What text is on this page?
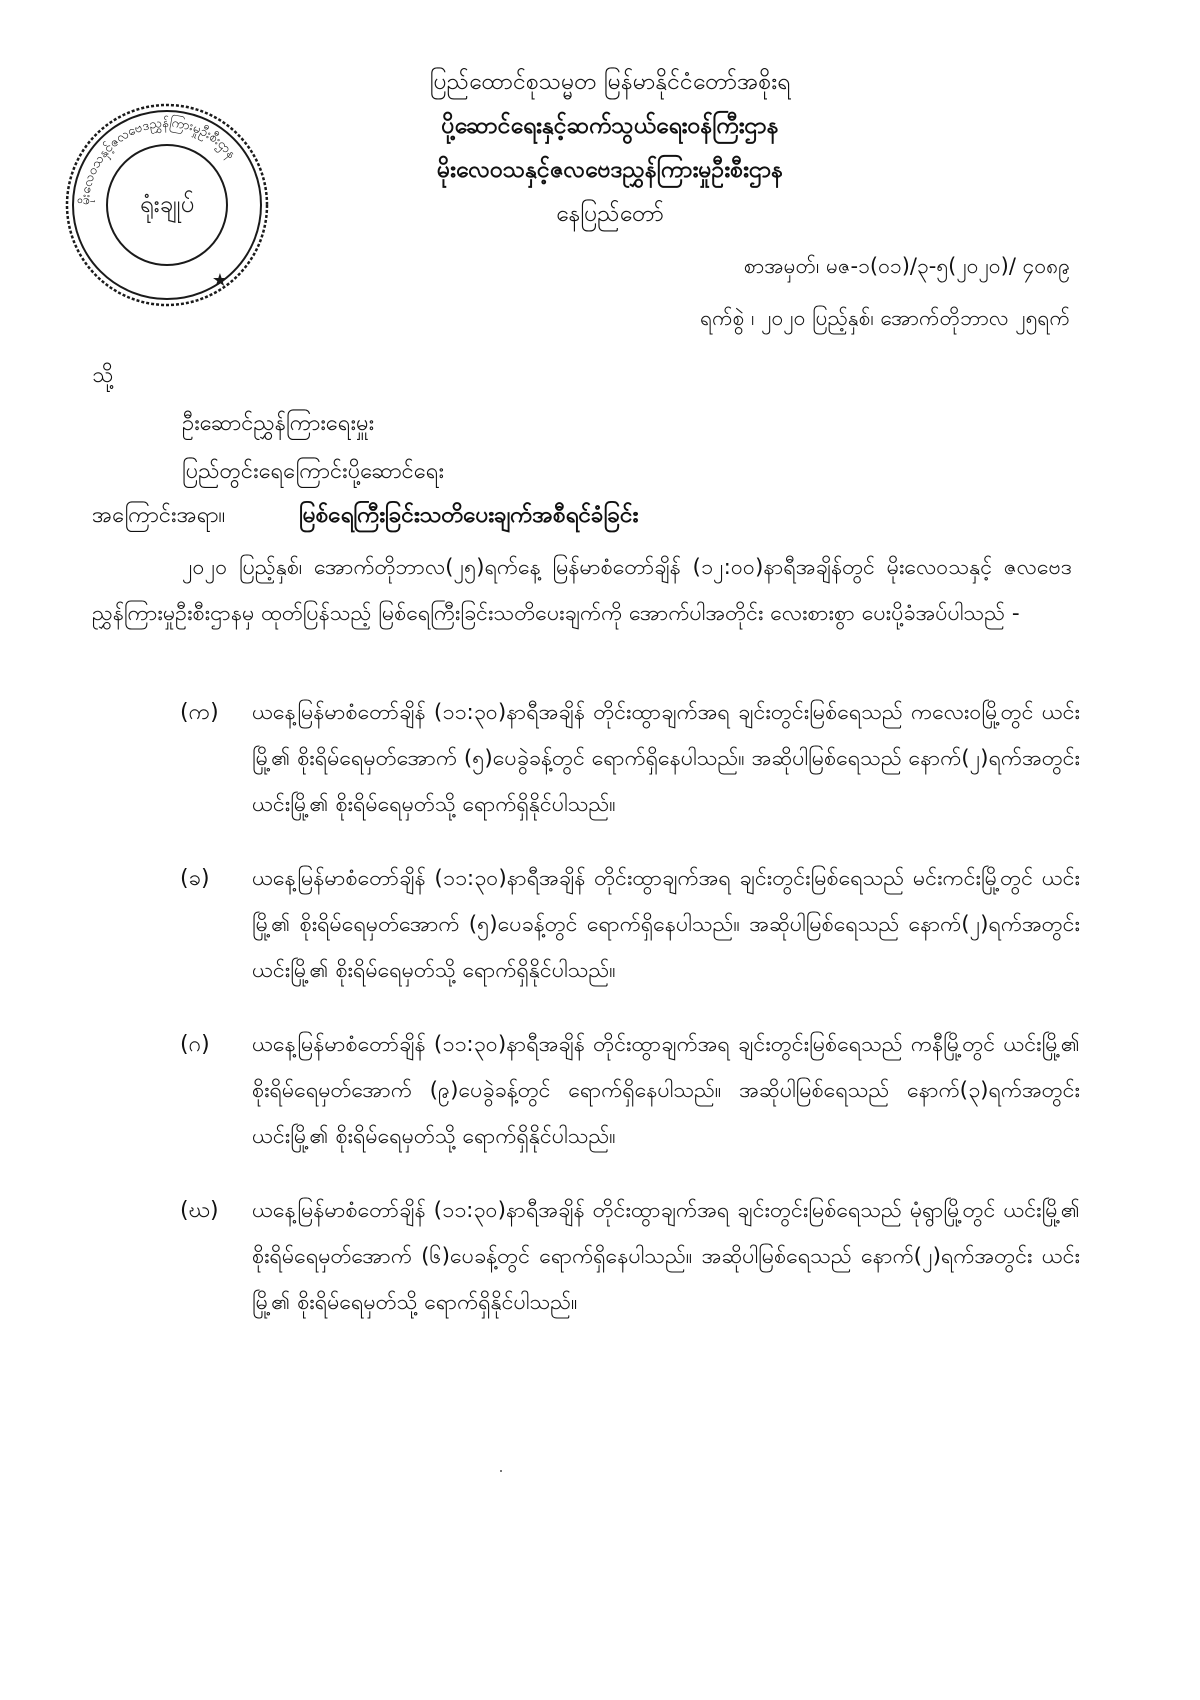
မိုးလေဝသနှင့်ဇလဗေဒညွှန်ကြားမှုဦးစီးဌာန
ရုံးချုပ်
★
ပြည်ထောင်စုသမ္မတ မြန်မာနိုင်ငံတော်အစိုးရ
ပို့ဆောင်ရေးနှင့်ဆက်သွယ်ရေးဝန်ကြီးဌာန
မိုးလေဝသနှင့်ဇလဗေဒညွှန်ကြားမှုဦးစီးဌာန
နေပြည်တော်
စာအမှတ်၊ မဇ-၁(၀၁)/၃-၅(၂၀၂၀)/ ၄၀၈၉
ရက်စွဲ ၊ ၂၀၂၀ ပြည့်နှစ်၊ အောက်တိုဘာလ ၂၅ရက်
သို့
ဦးဆောင်ညွှန်ကြားရေးမှူး
ပြည်တွင်းရေကြောင်းပို့ဆောင်ရေး
အကြောင်းအရာ။	မြစ်ရေကြီးခြင်းသတိပေးချက်အစီရင်ခံခြင်း

၂၀၂၀ ပြည့်နှစ်၊ အောက်တိုဘာလ(၂၅)ရက်နေ့ မြန်မာစံတော်ချိန် (၁၂:၀၀)နာရီအချိန်တွင် မိုးလေဝသနှင့် ဇလဗေဒညွှန်ကြားမှုဦးစီးဌာနမှ ထုတ်ပြန်သည့် မြစ်ရေကြီးခြင်းသတိပေးချက်ကို အောက်ပါအတိုင်း လေးစားစွာ ပေးပို့ခံအပ်ပါသည် -

(က)	ယနေ့မြန်မာစံတော်ချိန် (၁၁:၃၀)နာရီအချိန် တိုင်းထွာချက်အရ ချင်းတွင်းမြစ်ရေသည် ကလေးဝမြို့တွင် ယင်းမြို့၏ စိုးရိမ်ရေမှတ်အောက် (၅)ပေခွဲခန့်တွင် ရောက်ရှိနေပါသည်။ အဆိုပါမြစ်ရေသည် နောက်(၂)ရက်အတွင်း ယင်းမြို့၏ စိုးရိမ်ရေမှတ်သို့ ရောက်ရှိနိုင်ပါသည်။
(ခ)	ယနေ့မြန်မာစံတော်ချိန် (၁၁:၃၀)နာရီအချိန် တိုင်းထွာချက်အရ ချင်းတွင်းမြစ်ရေသည် မင်းကင်းမြို့တွင် ယင်းမြို့၏ စိုးရိမ်ရေမှတ်အောက် (၅)ပေခန့်တွင် ရောက်ရှိနေပါသည်။ အဆိုပါမြစ်ရေသည် နောက်(၂)ရက်အတွင်း ယင်းမြို့၏ စိုးရိမ်ရေမှတ်သို့ ရောက်ရှိနိုင်ပါသည်။
(ဂ)	ယနေ့မြန်မာစံတော်ချိန် (၁၁:၃၀)နာရီအချိန် တိုင်းထွာချက်အရ ချင်းတွင်းမြစ်ရေသည် ကနီမြို့တွင် ယင်းမြို့၏ စိုးရိမ်ရေမှတ်အောက် (၉)ပေခွဲခန့်တွင် ရောက်ရှိနေပါသည်။ အဆိုပါမြစ်ရေသည် နောက်(၃)ရက်အတွင်း ယင်းမြို့၏ စိုးရိမ်ရေမှတ်သို့ ရောက်ရှိနိုင်ပါသည်။
(ဃ)	ယနေ့မြန်မာစံတော်ချိန် (၁၁:၃၀)နာရီအချိန် တိုင်းထွာချက်အရ ချင်းတွင်းမြစ်ရေသည် မုံရွာမြို့တွင် ယင်းမြို့၏ စိုးရိမ်ရေမှတ်အောက် (၆)ပေခန့်တွင် ရောက်ရှိနေပါသည်။ အဆိုပါမြစ်ရေသည် နောက်(၂)ရက်အတွင်း ယင်းမြို့၏ စိုးရိမ်ရေမှတ်သို့ ရောက်ရှိနိုင်ပါသည်။
